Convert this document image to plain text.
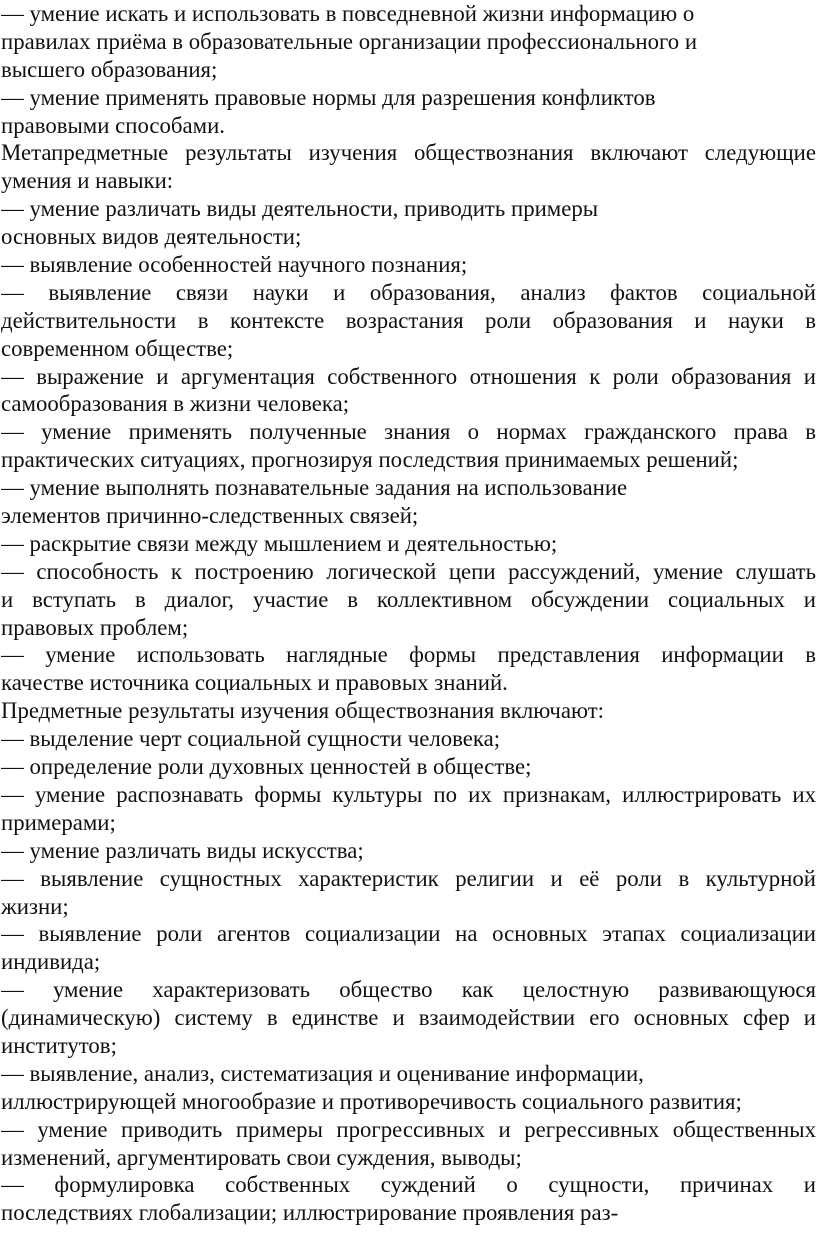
— умение искать и использовать в повседневной жизни информацию о
правилах приёма в образовательные организации профессионального и
высшего образования;
— умение применять правовые нормы для разрешения конфликтов
правовыми способами.
Метапредметные результаты изучения обществознания включают следующие
умения и навыки:
— умение различать виды деятельности, приводить примеры
основных видов деятельности;
— выявление особенностей научного познания;
— выявление связи науки и образования, анализ фактов социальной
действительности в контексте возрастания роли образования и науки в
современном обществе;
— выражение и аргументация собственного отношения к роли образования и
самообразования в жизни человека;
— умение применять полученные знания о нормах гражданского права в
практических ситуациях, прогнозируя последствия принимаемых решений;
— умение выполнять познавательные задания на использование
элементов причинно-следственных связей;
— раскрытие связи между мышлением и деятельностью;
— способность к построению логической цепи рассуждений, умение слушать
и вступать в диалог, участие в коллективном обсуждении социальных и
правовых проблем;
— умение использовать наглядные формы представления информации в
качестве источника социальных и правовых знаний.
Предметные результаты изучения обществознания включают:
— выделение черт социальной сущности человека;
— определение роли духовных ценностей в обществе;
— умение распознавать формы культуры по их признакам, иллюстрировать их
примерами;
— умение различать виды искусства;
— выявление сущностных характеристик религии и её роли в культурной
жизни;
— выявление роли агентов социализации на основных этапах социализации
индивида;
— умение характеризовать общество как целостную развивающуюся
(динамическую) систему в единстве и взаимодействии его основных сфер и
институтов;
— выявление, анализ, систематизация и оценивание информации,
иллюстрирующей многообразие и противоречивость социального развития;
— умение приводить примеры прогрессивных и регрессивных общественных
изменений, аргументировать свои суждения, выводы;
— формулировка собственных суждений о сущности, причинах и
последствиях глобализации; иллюстрирование проявления раз-
